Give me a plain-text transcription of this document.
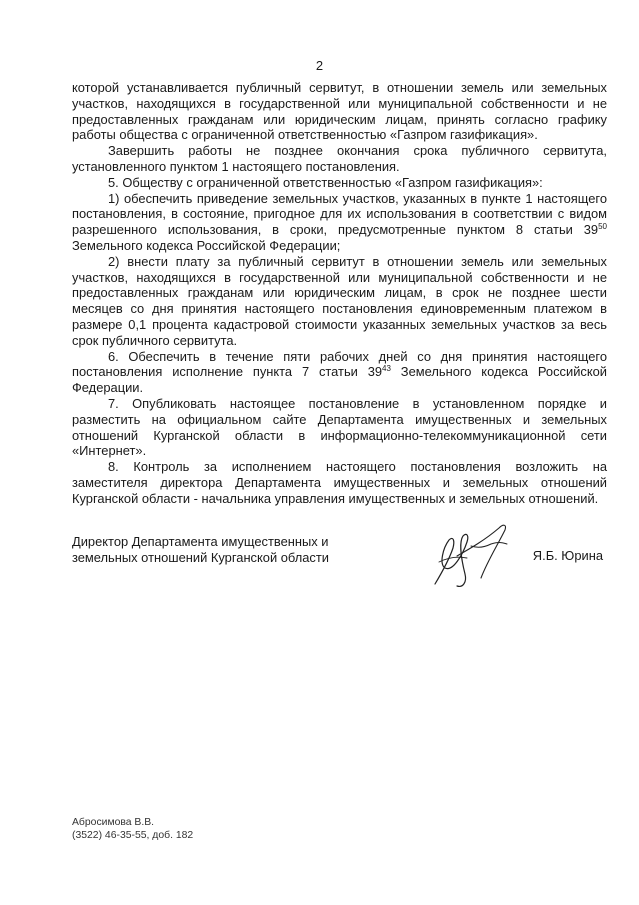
2

которой устанавливается публичный сервитут, в отношении земель или земельных участков, находящихся в государственной или муниципальной собственности и не предоставленных гражданам или юридическим лицам, принять согласно графику работы общества с ограниченной ответственностью «Газпром газификация».

Завершить работы не позднее окончания срока публичного сервитута, установленного пунктом 1 настоящего постановления.

5. Обществу с ограниченной ответственностью «Газпром газификация»:

1) обеспечить приведение земельных участков, указанных в пункте 1 настоящего постановления, в состояние, пригодное для их использования в соответствии с видом разрешенного использования, в сроки, предусмотренные пунктом 8 статьи $39^{50}$ Земельного кодекса Российской Федерации;

2) внести плату за публичный сервитут в отношении земель или земельных участков, находящихся в государственной или муниципальной собственности и не предоставленных гражданам или юридическим лицам, в срок не позднее шести месяцев со дня принятия настоящего постановления единовременным платежом в размере 0,1 процента кадастровой стоимости указанных земельных участков за весь срок публичного сервитута.

6. Обеспечить в течение пяти рабочих дней со дня принятия настоящего постановления исполнение пункта 7 статьи $39^{43}$ Земельного кодекса Российской Федерации.

7. Опубликовать настоящее постановление в установленном порядке и разместить на официальном сайте Департамента имущественных и земельных отношений Курганской области в информационно-телекоммуникационной сети «Интернет».

8. Контроль за исполнением настоящего постановления возложить на заместителя директора Департамента имущественных и земельных отношений Курганской области - начальника управления имущественных и земельных отношений.

Директор Департамента имущественных и
земельных отношений Курганской области	Я.Б. Юрина
Абросимова В.В.
(3522) 46-35-55, доб. 182
